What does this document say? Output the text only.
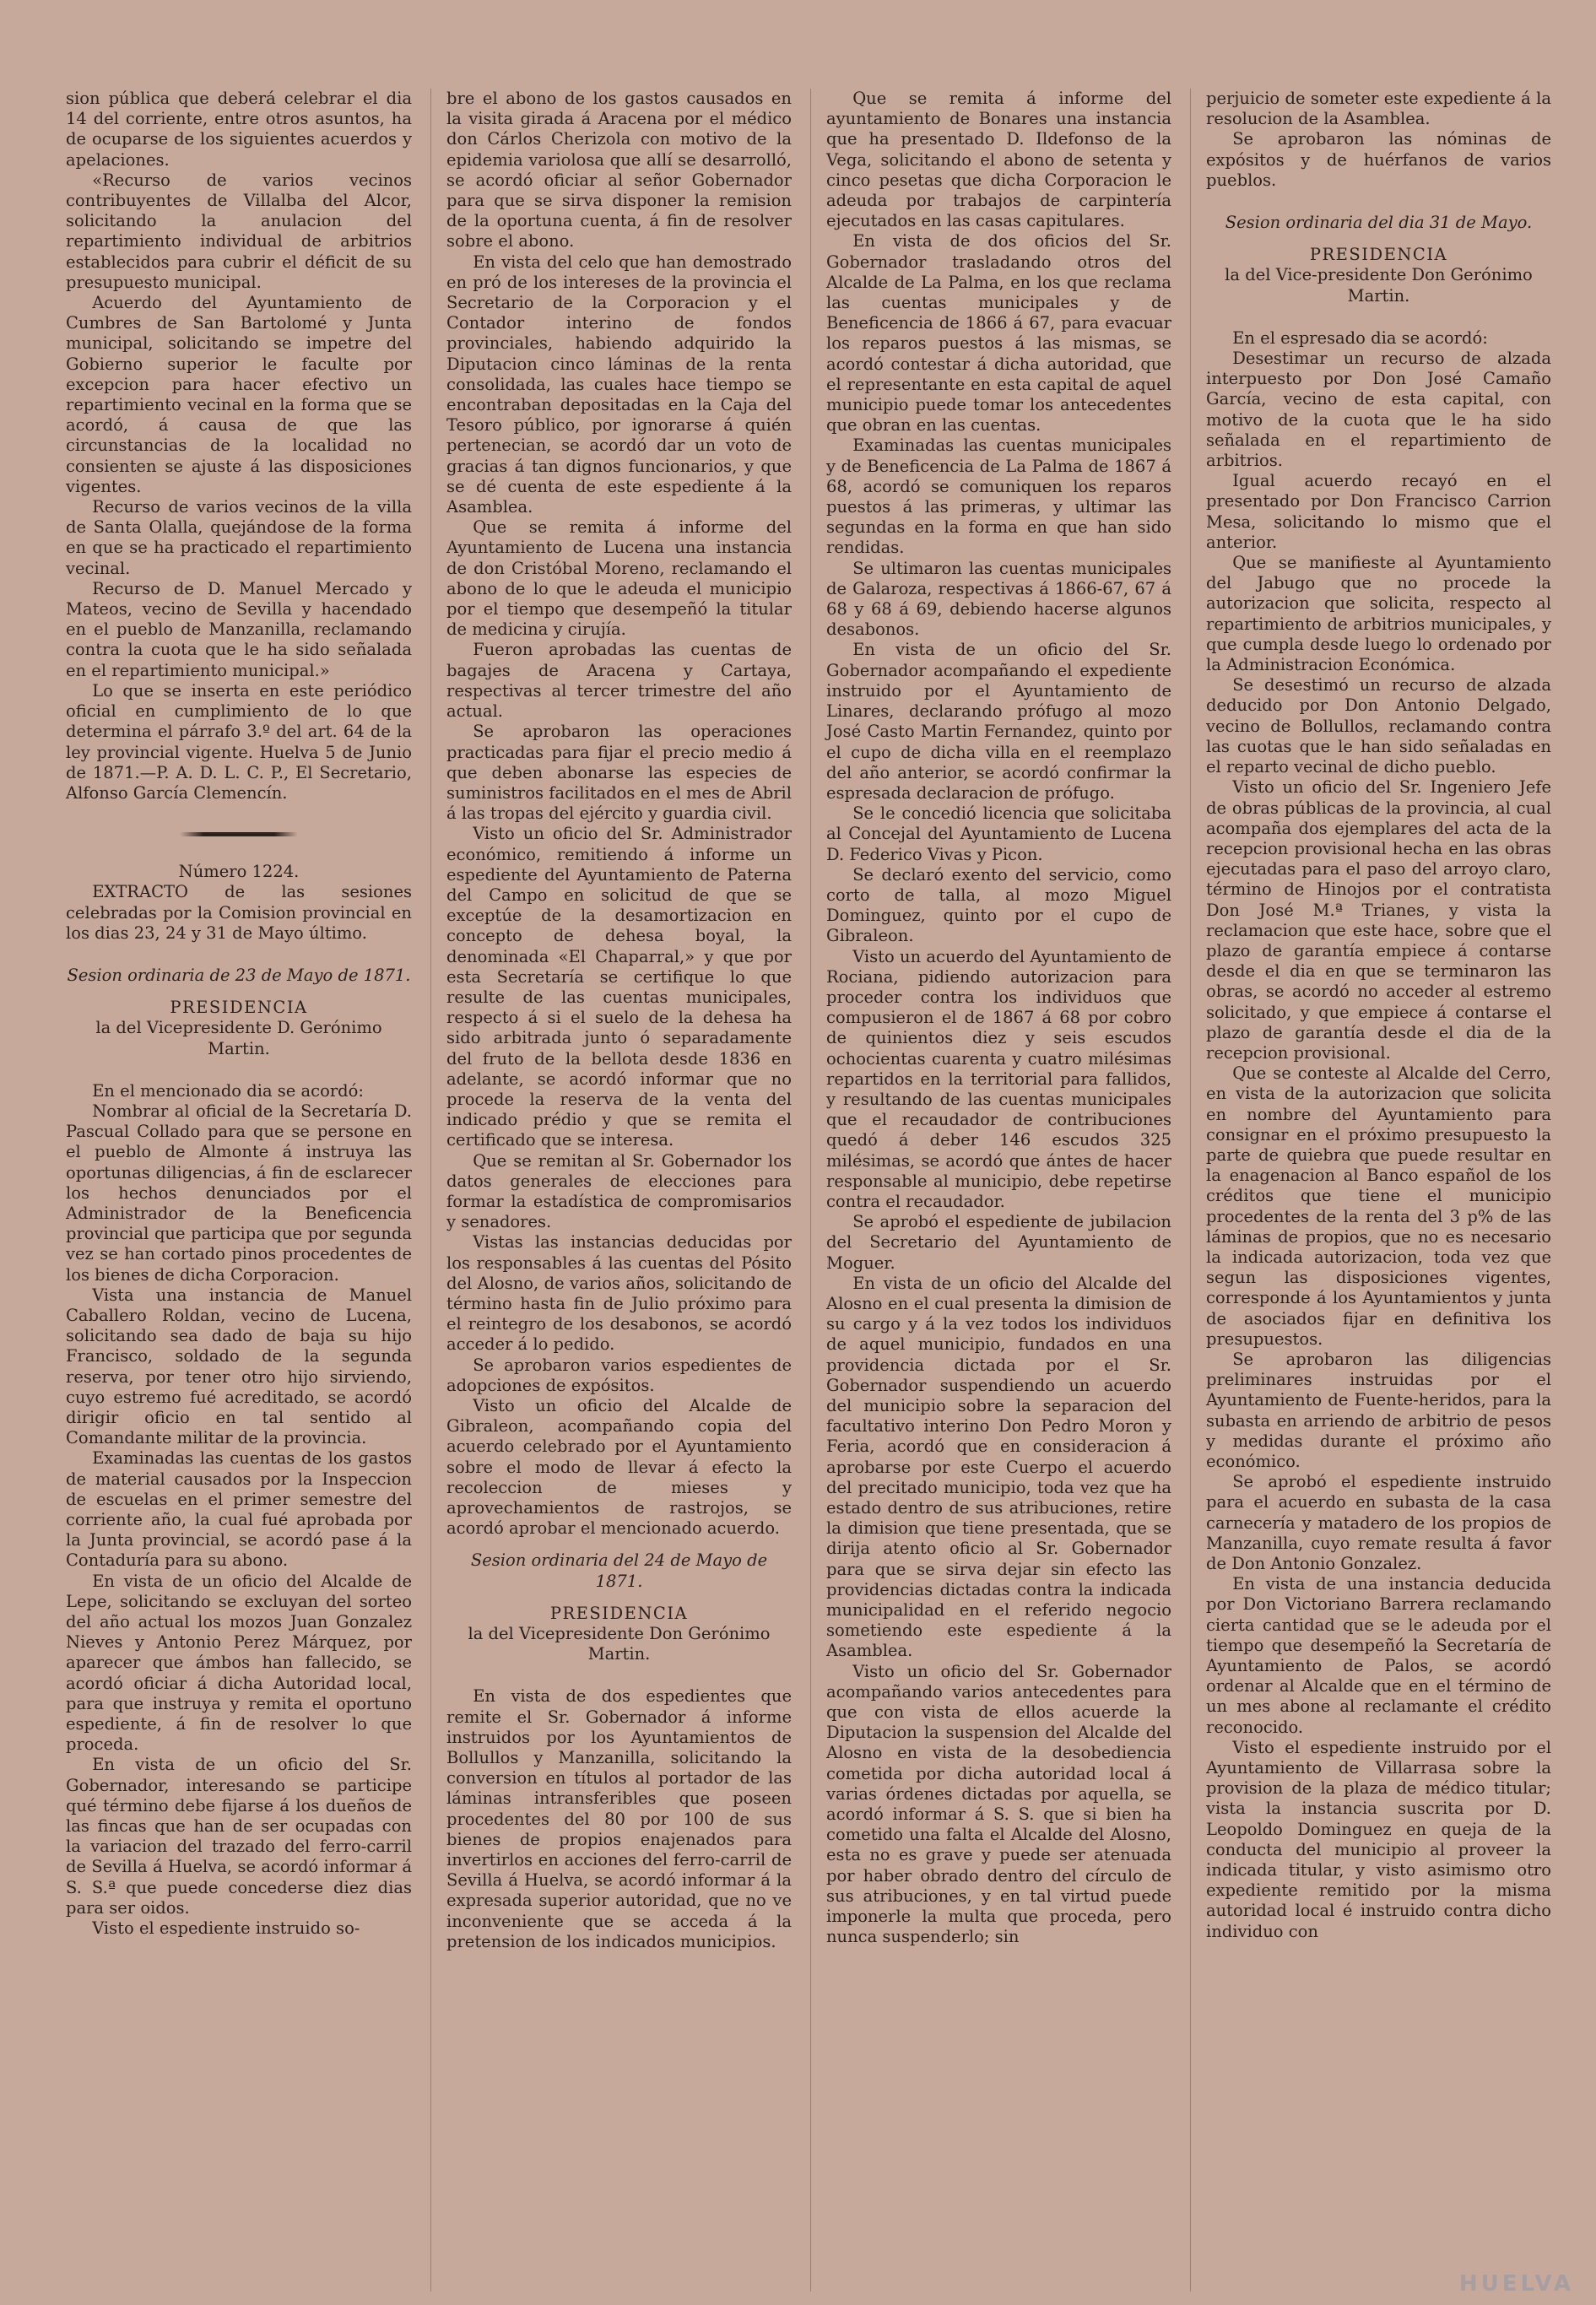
sion pública que deberá celebrar el dia 14 del corriente, entre otros asuntos, ha de ocuparse de los siguientes acuerdos y apelaciones.

«Recurso de varios vecinos contribuyentes de Villalba del Alcor, solicitando la anulacion del repartimiento individual de arbitrios establecidos para cubrir el déficit de su presupuesto municipal.

Acuerdo del Ayuntamiento de Cumbres de San Bartolomé y Junta municipal, solicitando se impetre del Gobierno superior le faculte por excepcion para hacer efectivo un repartimiento vecinal en la forma que se acordó, á causa de que las circunstancias de la localidad no consienten se ajuste á las disposiciones vigentes.

Recurso de varios vecinos de la villa de Santa Olalla, quejándose de la forma en que se ha practicado el repartimiento vecinal.

Recurso de D. Manuel Mercado y Mateos, vecino de Sevilla y hacendado en el pueblo de Manzanilla, reclamando contra la cuota que le ha sido señalada en el repartimiento municipal.»

Lo que se inserta en este periódico oficial en cumplimiento de lo que determina el párrafo 3.º del art. 64 de la ley provincial vigente. Huelva 5 de Junio de 1871.—P. A. D. L. C. P., El Secretario, Alfonso García Clemencín.

Número 1224.

EXTRACTO de las sesiones celebradas por la Comision provincial en los dias 23, 24 y 31 de Mayo último.

Sesion ordinaria de 23 de Mayo de 1871.

PRESIDENCIA

la del Vicepresidente D. Gerónimo Martin.

En el mencionado dia se acordó:

Nombrar al oficial de la Secretaría D. Pascual Collado para que se persone en el pueblo de Almonte á instruya las oportunas diligencias, á fin de esclarecer los hechos denunciados por el Administrador de la Beneficencia provincial que participa que por segunda vez se han cortado pinos procedentes de los bienes de dicha Corporacion.

Vista una instancia de Manuel Caballero Roldan, vecino de Lucena, solicitando sea dado de baja su hijo Francisco, soldado de la segunda reserva, por tener otro hijo sirviendo, cuyo estremo fué acreditado, se acordó dirigir oficio en tal sentido al Comandante militar de la provincia.

Examinadas las cuentas de los gastos de material causados por la Inspeccion de escuelas en el primer semestre del corriente año, la cual fué aprobada por la Junta provincial, se acordó pase á la Contaduría para su abono.

En vista de un oficio del Alcalde de Lepe, solicitando se excluyan del sorteo del año actual los mozos Juan Gonzalez Nieves y Antonio Perez Márquez, por aparecer que ámbos han fallecido, se acordó oficiar á dicha Autoridad local, para que instruya y remita el oportuno espediente, á fin de resolver lo que proceda.

En vista de un oficio del Sr. Gobernador, interesando se participe qué término debe fijarse á los dueños de las fincas que han de ser ocupadas con la variacion del trazado del ferro-carril de Sevilla á Huelva, se acordó informar á S. S.ª que puede concederse diez dias para ser oidos.

Visto el espediente instruido so-

bre el abono de los gastos causados en la visita girada á Aracena por el médico don Cárlos Cherizola con motivo de la epidemia variolosa que allí se desarrolló, se acordó oficiar al señor Gobernador para que se sirva disponer la remision de la oportuna cuenta, á fin de resolver sobre el abono.

En vista del celo que han demostrado en pró de los intereses de la provincia el Secretario de la Corporacion y el Contador interino de fondos provinciales, habiendo adquirido la Diputacion cinco láminas de la renta consolidada, las cuales hace tiempo se encontraban depositadas en la Caja del Tesoro público, por ignorarse á quién pertenecian, se acordó dar un voto de gracias á tan dignos funcionarios, y que se dé cuenta de este espediente á la Asamblea.

Que se remita á informe del Ayuntamiento de Lucena una instancia de don Cristóbal Moreno, reclamando el abono de lo que le adeuda el municipio por el tiempo que desempeñó la titular de medicina y cirujía.

Fueron aprobadas las cuentas de bagajes de Aracena y Cartaya, respectivas al tercer trimestre del año actual.

Se aprobaron las operaciones practicadas para fijar el precio medio á que deben abonarse las especies de suministros facilitados en el mes de Abril á las tropas del ejército y guardia civil.

Visto un oficio del Sr. Administrador económico, remitiendo á informe un espediente del Ayuntamiento de Paterna del Campo en solicitud de que se exceptúe de la desamortizacion en concepto de dehesa boyal, la denominada «El Chaparral,» y que por esta Secretaría se certifique lo que resulte de las cuentas municipales, respecto á si el suelo de la dehesa ha sido arbitrada junto ó separadamente del fruto de la bellota desde 1836 en adelante, se acordó informar que no procede la reserva de la venta del indicado prédio y que se remita el certificado que se interesa.

Que se remitan al Sr. Gobernador los datos generales de elecciones para formar la estadística de compromisarios y senadores.

Vistas las instancias deducidas por los responsables á las cuentas del Pósito del Alosno, de varios años, solicitando de término hasta fin de Julio próximo para el reintegro de los desabonos, se acordó acceder á lo pedido.

Se aprobaron varios espedientes de adopciones de expósitos.

Visto un oficio del Alcalde de Gibraleon, acompañando copia del acuerdo celebrado por el Ayuntamiento sobre el modo de llevar á efecto la recoleccion de mieses y aprovechamientos de rastrojos, se acordó aprobar el mencionado acuerdo.

Sesion ordinaria del 24 de Mayo de 1871.

PRESIDENCIA

la del Vicepresidente Don Gerónimo Martin.

En vista de dos espedientes que remite el Sr. Gobernador á informe instruidos por los Ayuntamientos de Bollullos y Manzanilla, solicitando la conversion en títulos al portador de las láminas intransferibles que poseen procedentes del 80 por 100 de sus bienes de propios enajenados para invertirlos en acciones del ferro-carril de Sevilla á Huelva, se acordó informar á la expresada superior autoridad, que no ve inconveniente que se acceda á la pretension de los indicados municipios.

Que se remita á informe del ayuntamiento de Bonares una instancia que ha presentado D. Ildefonso de la Vega, solicitando el abono de setenta y cinco pesetas que dicha Corporacion le adeuda por trabajos de carpintería ejecutados en las casas capitulares.

En vista de dos oficios del Sr. Gobernador trasladando otros del Alcalde de La Palma, en los que reclama las cuentas municipales y de Beneficencia de 1866 á 67, para evacuar los reparos puestos á las mismas, se acordó contestar á dicha autoridad, que el representante en esta capital de aquel municipio puede tomar los antecedentes que obran en las cuentas.

Examinadas las cuentas municipales y de Beneficencia de La Palma de 1867 á 68, acordó se comuniquen los reparos puestos á las primeras, y ultimar las segundas en la forma en que han sido rendidas.

Se ultimaron las cuentas municipales de Galaroza, respectivas á 1866-67, 67 á 68 y 68 á 69, debiendo hacerse algunos desabonos.

En vista de un oficio del Sr. Gobernador acompañando el expediente instruido por el Ayuntamiento de Linares, declarando prófugo al mozo José Casto Martin Fernandez, quinto por el cupo de dicha villa en el reemplazo del año anterior, se acordó confirmar la espresada declaracion de prófugo.

Se le concedió licencia que solicitaba al Concejal del Ayuntamiento de Lucena D. Federico Vivas y Picon.

Se declaró exento del servicio, como corto de talla, al mozo Miguel Dominguez, quinto por el cupo de Gibraleon.

Visto un acuerdo del Ayuntamiento de Rociana, pidiendo autorizacion para proceder contra los individuos que compusieron el de 1867 á 68 por cobro de quinientos diez y seis escudos ochocientas cuarenta y cuatro milésimas repartidos en la territorial para fallidos, y resultando de las cuentas municipales que el recaudador de contribuciones quedó á deber 146 escudos 325 milésimas, se acordó que ántes de hacer responsable al municipio, debe repetirse contra el recaudador.

Se aprobó el espediente de jubilacion del Secretario del Ayuntamiento de Moguer.

En vista de un oficio del Alcalde del Alosno en el cual presenta la dimision de su cargo y á la vez todos los individuos de aquel municipio, fundados en una providencia dictada por el Sr. Gobernador suspendiendo un acuerdo del municipio sobre la separacion del facultativo interino Don Pedro Moron y Feria, acordó que en consideracion á aprobarse por este Cuerpo el acuerdo del precitado municipio, toda vez que ha estado dentro de sus atribuciones, retire la dimision que tiene presentada, que se dirija atento oficio al Sr. Gobernador para que se sirva dejar sin efecto las providencias dictadas contra la indicada municipalidad en el referido negocio sometiendo este espediente á la Asamblea.

Visto un oficio del Sr. Gobernador acompañando varios antecedentes para que con vista de ellos acuerde la Diputacion la suspension del Alcalde del Alosno en vista de la desobediencia cometida por dicha autoridad local á varias órdenes dictadas por aquella, se acordó informar á S. S. que si bien ha cometido una falta el Alcalde del Alosno, esta no es grave y puede ser atenuada por haber obrado dentro del círculo de sus atribuciones, y en tal virtud puede imponerle la multa que proceda, pero nunca suspenderlo; sin

perjuicio de someter este expediente á la resolucion de la Asamblea.

Se aprobaron las nóminas de expósitos y de huérfanos de varios pueblos.

Sesion ordinaria del dia 31 de Mayo.

PRESIDENCIA

la del Vice-presidente Don Gerónimo Martin.

En el espresado dia se acordó:

Desestimar un recurso de alzada interpuesto por Don José Camaño García, vecino de esta capital, con motivo de la cuota que le ha sido señalada en el repartimiento de arbitrios.

Igual acuerdo recayó en el presentado por Don Francisco Carrion Mesa, solicitando lo mismo que el anterior.

Que se manifieste al Ayuntamiento del Jabugo que no procede la autorizacion que solicita, respecto al repartimiento de arbitrios municipales, y que cumpla desde luego lo ordenado por la Administracion Económica.

Se desestimó un recurso de alzada deducido por Don Antonio Delgado, vecino de Bollullos, reclamando contra las cuotas que le han sido señaladas en el reparto vecinal de dicho pueblo.

Visto un oficio del Sr. Ingeniero Jefe de obras públicas de la provincia, al cual acompaña dos ejemplares del acta de la recepcion provisional hecha en las obras ejecutadas para el paso del arroyo claro, término de Hinojos por el contratista Don José M.ª Trianes, y vista la reclamacion que este hace, sobre que el plazo de garantía empiece á contarse desde el dia en que se terminaron las obras, se acordó no acceder al estremo solicitado, y que empiece á contarse el plazo de garantía desde el dia de la recepcion provisional.

Que se conteste al Alcalde del Cerro, en vista de la autorizacion que solicita en nombre del Ayuntamiento para consignar en el próximo presupuesto la parte de quiebra que puede resultar en la enagenacion al Banco español de los créditos que tiene el municipio procedentes de la renta del 3 p% de las láminas de propios, que no es necesario la indicada autorizacion, toda vez que segun las disposiciones vigentes, corresponde á los Ayuntamientos y junta de asociados fijar en definitiva los presupuestos.

Se aprobaron las diligencias preliminares instruidas por el Ayuntamiento de Fuente-heridos, para la subasta en arriendo de arbitrio de pesos y medidas durante el próximo año económico.

Se aprobó el espediente instruido para el acuerdo en subasta de la casa carnecería y matadero de los propios de Manzanilla, cuyo remate resulta á favor de Don Antonio Gonzalez.

En vista de una instancia deducida por Don Victoriano Barrera reclamando cierta cantidad que se le adeuda por el tiempo que desempeñó la Secretaría de Ayuntamiento de Palos, se acordó ordenar al Alcalde que en el término de un mes abone al reclamante el crédito reconocido.

Visto el espediente instruido por el Ayuntamiento de Villarrasa sobre la provision de la plaza de médico titular; vista la instancia suscrita por D. Leopoldo Dominguez en queja de la conducta del municipio al proveer la indicada titular, y visto asimismo otro expediente remitido por la misma autoridad local é instruido contra dicho individuo con

HUELVA
